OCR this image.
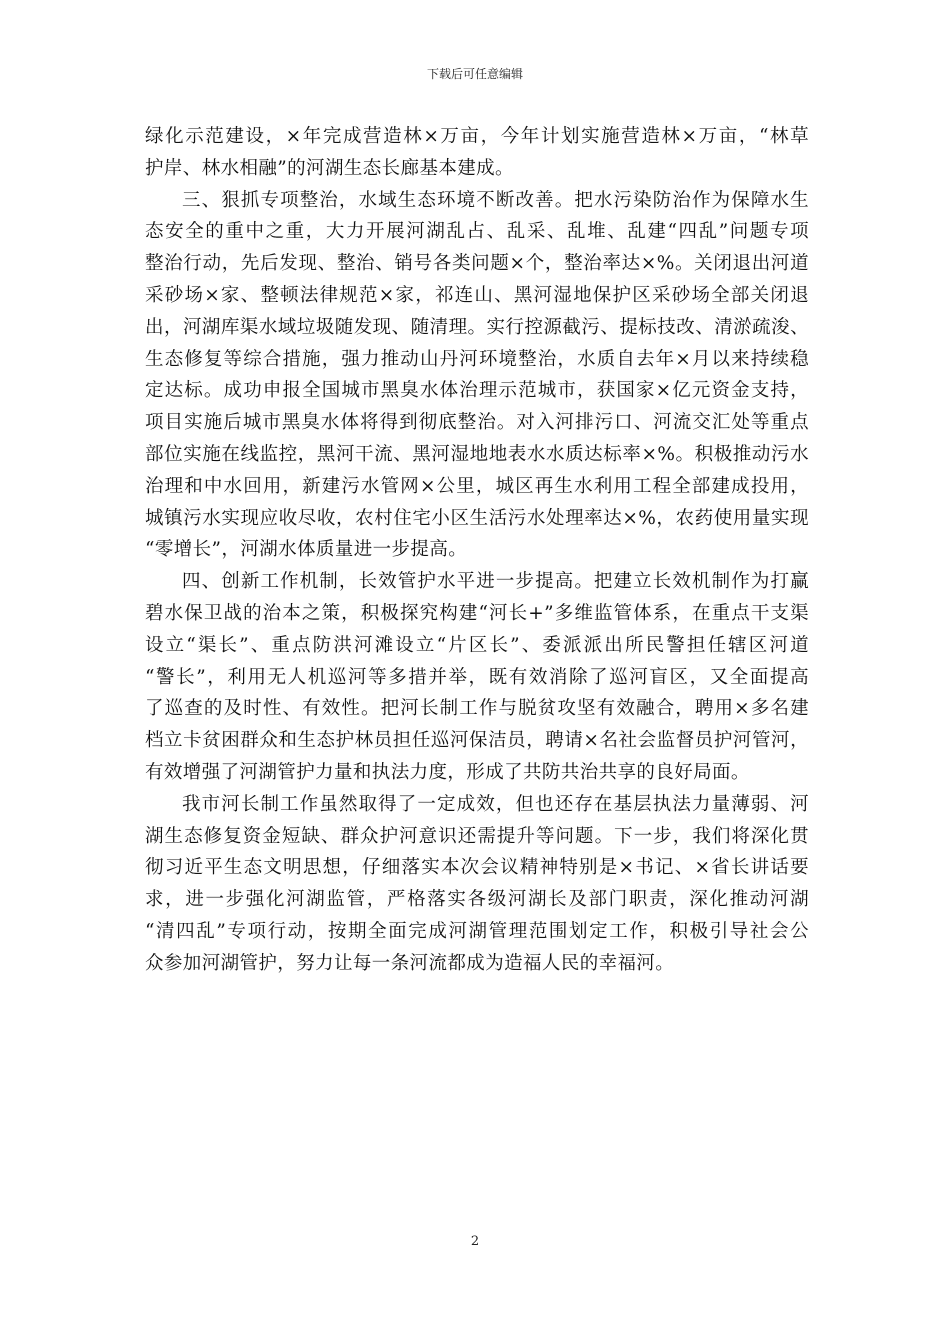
下载后可任意编辑
绿化示范建设，×年完成营造林×万亩，今年计划实施营造林×万亩，“林草
护岸、林水相融”的河湖生态长廊基本建成。
三、狠抓专项整治，水域生态环境不断改善。把水污染防治作为保障水生
态安全的重中之重，大力开展河湖乱占、乱采、乱堆、乱建“四乱”问题专项
整治行动，先后发现、整治、销号各类问题×个，整治率达×%。关闭退出河道
采砂场×家、整顿法律规范×家，祁连山、黑河湿地保护区采砂场全部关闭退
出，河湖库渠水域垃圾随发现、随清理。实行控源截污、提标技改、清淤疏浚、
生态修复等综合措施，强力推动山丹河环境整治，水质自去年×月以来持续稳
定达标。成功申报全国城市黑臭水体治理示范城市，获国家×亿元资金支持，
项目实施后城市黑臭水体将得到彻底整治。对入河排污口、河流交汇处等重点
部位实施在线监控，黑河干流、黑河湿地地表水水质达标率×%。积极推动污水
治理和中水回用，新建污水管网×公里，城区再生水利用工程全部建成投用，
城镇污水实现应收尽收，农村住宅小区生活污水处理率达×%，农药使用量实现
“零增长”，河湖水体质量进一步提高。
四、创新工作机制，长效管护水平进一步提高。把建立长效机制作为打赢
碧水保卫战的治本之策，积极探究构建“河长+”多维监管体系，在重点干支渠
设立“渠长”、重点防洪河滩设立“片区长”、委派派出所民警担任辖区河道
“警长”，利用无人机巡河等多措并举，既有效消除了巡河盲区，又全面提高
了巡查的及时性、有效性。把河长制工作与脱贫攻坚有效融合，聘用×多名建
档立卡贫困群众和生态护林员担任巡河保洁员，聘请×名社会监督员护河管河，
有效增强了河湖管护力量和执法力度，形成了共防共治共享的良好局面。
我市河长制工作虽然取得了一定成效，但也还存在基层执法力量薄弱、河
湖生态修复资金短缺、群众护河意识还需提升等问题。下一步，我们将深化贯
彻习近平生态文明思想，仔细落实本次会议精神特别是×书记、×省长讲话要
求，进一步强化河湖监管，严格落实各级河湖长及部门职责，深化推动河湖
“清四乱”专项行动，按期全面完成河湖管理范围划定工作，积极引导社会公
众参加河湖管护，努力让每一条河流都成为造福人民的幸福河。
2
